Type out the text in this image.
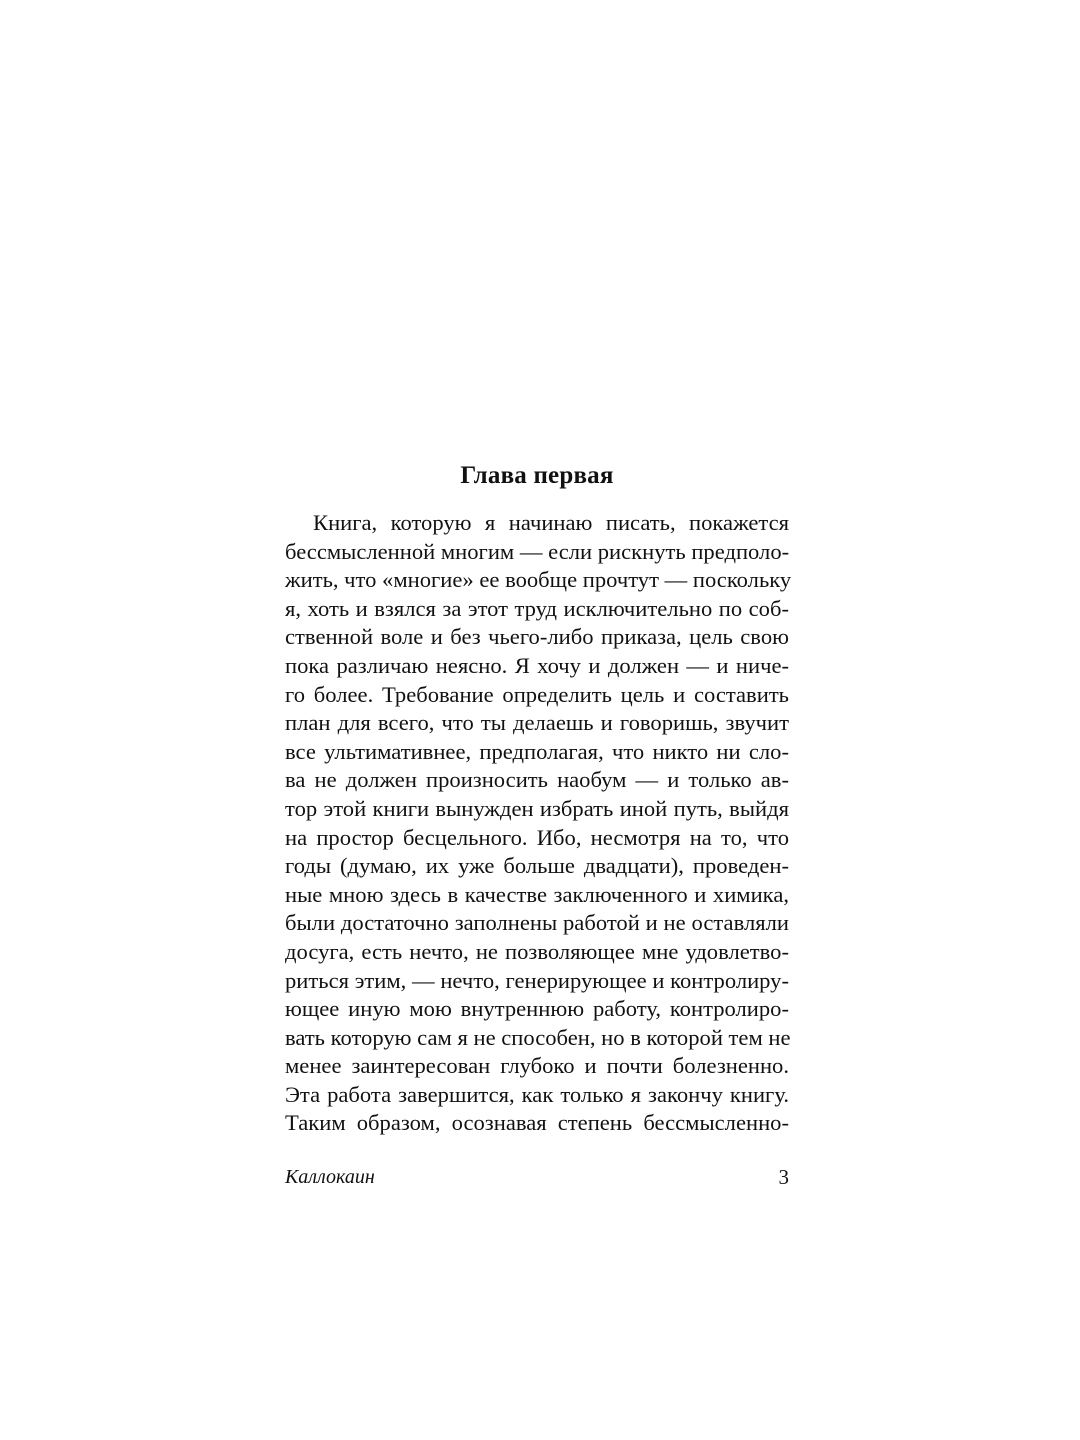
Глава первая
Книга, которую я начинаю писать, покажется
бессмысленной многим — если рискнуть предполо-
жить, что «многие» ее вообще прочтут — поскольку
я, хоть и взялся за этот труд исключительно по соб-
ственной воле и без чьего-либо приказа, цель свою
пока различаю неясно. Я хочу и должен — и ниче-
го более. Требование определить цель и составить
план для всего, что ты делаешь и говоришь, звучит
все ультимативнее, предполагая, что никто ни сло-
ва не должен произносить наобум — и только ав-
тор этой книги вынужден избрать иной путь, выйдя
на простор бесцельного. Ибо, несмотря на то, что
годы (думаю, их уже больше двадцати), проведен-
ные мною здесь в качестве заключенного и химика,
были достаточно заполнены работой и не оставляли
досуга, есть нечто, не позволяющее мне удовлетво-
риться этим, — нечто, генерирующее и контролиру-
ющее иную мою внутреннюю работу, контролиро-
вать которую сам я не способен, но в которой тем не
менее заинтересован глубоко и почти болезненно.
Эта работа завершится, как только я закончу книгу.
Таким образом, осознавая степень бессмысленно-

Каллокаин	3
